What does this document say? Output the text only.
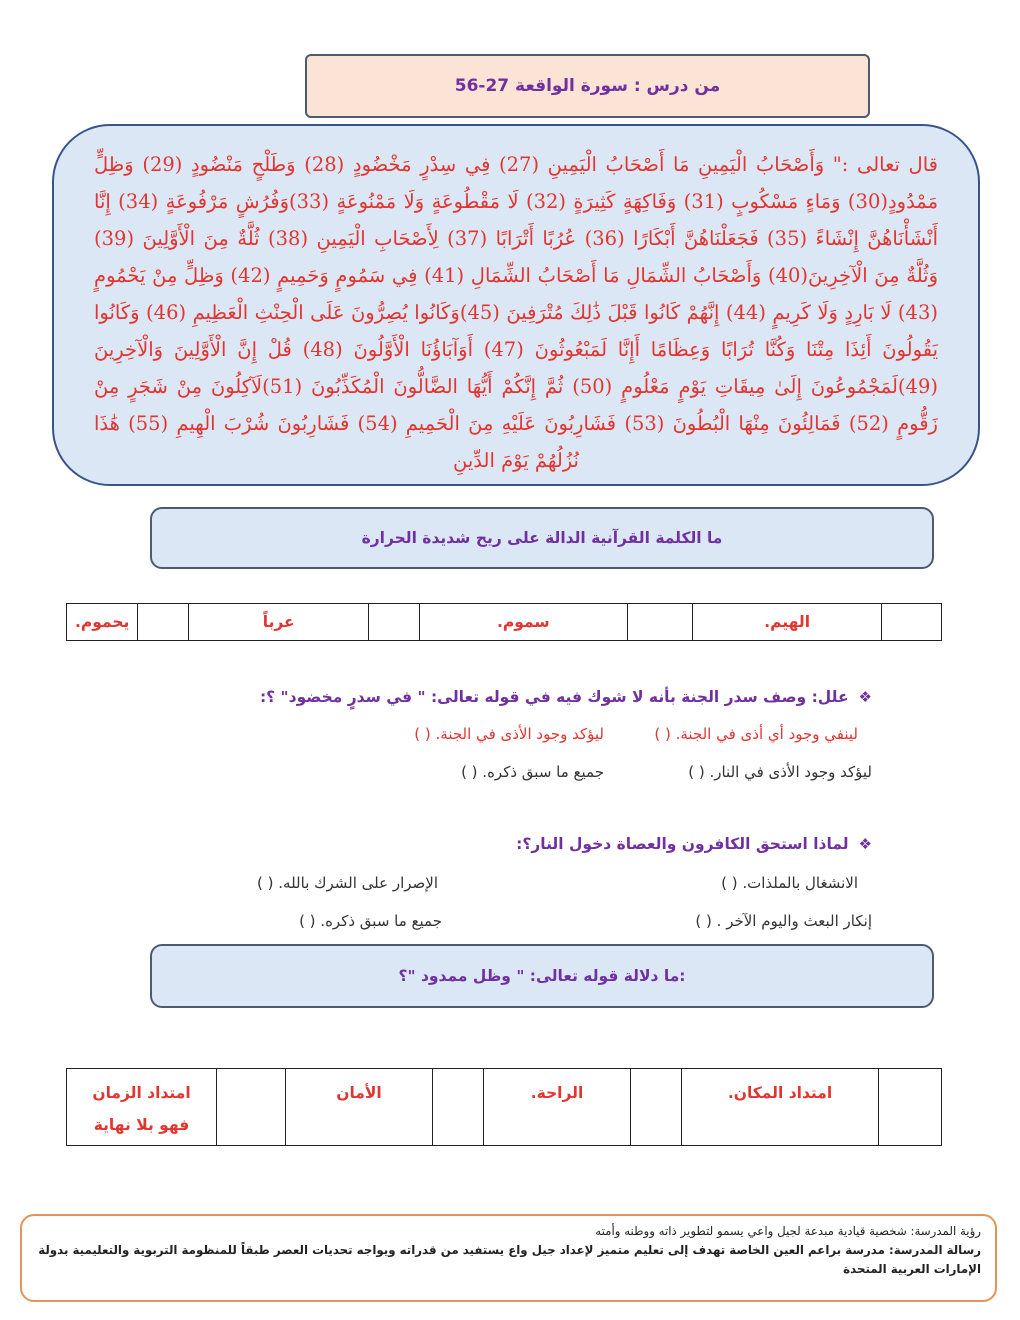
من درس : سورة الواقعة 27-56
قال تعالى :" وَأَصْحَابُ الْيَمِينِ مَا أَصْحَابُ الْيَمِينِ (27) فِي سِدْرٍ مَخْضُودٍ (28) وَطَلْحٍ مَنْضُودٍ (29) وَظِلٍّ مَمْدُودٍ(30) وَمَاءٍ مَسْكُوبٍ (31) وَفَاكِهَةٍ كَثِيرَةٍ (32) لَا مَقْطُوعَةٍ وَلَا مَمْنُوعَةٍ (33)وَفُرُشٍ مَرْفُوعَةٍ (34) إِنَّا أَنْشَأْنَاهُنَّ إِنْشَاءً (35) فَجَعَلْنَاهُنَّ أَبْكَارًا (36) عُرُبًا أَتْرَابًا (37) لِأَصْحَابِ الْيَمِينِ (38) ثُلَّةٌ مِنَ الْأَوَّلِينَ (39) وَثُلَّةٌ مِنَ الْآخِرِينَ(40) وَأَصْحَابُ الشِّمَالِ مَا أَصْحَابُ الشِّمَالِ (41) فِي سَمُومٍ وَحَمِيمٍ (42) وَظِلٍّ مِنْ يَحْمُومٍ (43) لَا بَارِدٍ وَلَا كَرِيمٍ (44) إِنَّهُمْ كَانُوا قَبْلَ ذَٰلِكَ مُتْرَفِينَ (45)وَكَانُوا يُصِرُّونَ عَلَى الْحِنْثِ الْعَظِيمِ (46) وَكَانُوا يَقُولُونَ أَئِذَا مِتْنَا وَكُنَّا تُرَابًا وَعِظَامًا أَإِنَّا لَمَبْعُوثُونَ (47) أَوَآبَاؤُنَا الْأَوَّلُونَ (48) قُلْ إِنَّ الْأَوَّلِينَ وَالْآخِرِينَ (49)لَمَجْمُوعُونَ إِلَىٰ مِيقَاتِ يَوْمٍ مَعْلُومٍ (50) ثُمَّ إِنَّكُمْ أَيُّهَا الضَّالُّونَ الْمُكَذِّبُونَ (51)لَآكِلُونَ مِنْ شَجَرٍ مِنْ زَقُّومٍ (52) فَمَالِئُونَ مِنْهَا الْبُطُونَ (53) فَشَارِبُونَ عَلَيْهِ مِنَ الْحَمِيمِ (54) فَشَارِبُونَ شُرْبَ الْهِيمِ (55) هَٰذَا نُزُلُهُمْ يَوْمَ الدِّينِ
ما الكلمة القرآنية الدالة على ريح شديدة الحرارة
	الهيم.		سموم.		عرباً		يحموم.
❖
علل: وصف سدر الجنة بأنه لا شوك فيه في قوله تعالى: " في سدرٍ مخضود" ؟:
لينفي وجود أي أذى في الجنة. ( )
ليؤكد وجود الأذى في الجنة. ( )
ليؤكد وجود الأذى في النار. ( )
جميع ما سبق ذكره. ( )
❖
لماذا استحق الكافرون والعصاة دخول النار؟:
الانشغال بالملذات. ( )
الإصرار على الشرك بالله. ( )
إنكار البعث واليوم الآخر . ( )
جميع ما سبق ذكره. ( )
:ما دلالة قوله تعالى: " وظل ممدود "؟
	امتداد المكان.		الراحة.		الأمان		امتداد الزمان فهو بلا نهاية
رؤية المدرسة: شخصية قيادية مبدعة لجيل واعي يسمو لتطوير ذاته ووطنه وأمته
رسالة المدرسة: مدرسة براعم العين الخاصة تهدف إلى تعليم متميز لإعداد جيل واع يستفيد من قدراته ويواجه تحديات العصر طبقاً للمنظومة التربوية والتعليمية بدولة الإمارات العربية المتحدة
